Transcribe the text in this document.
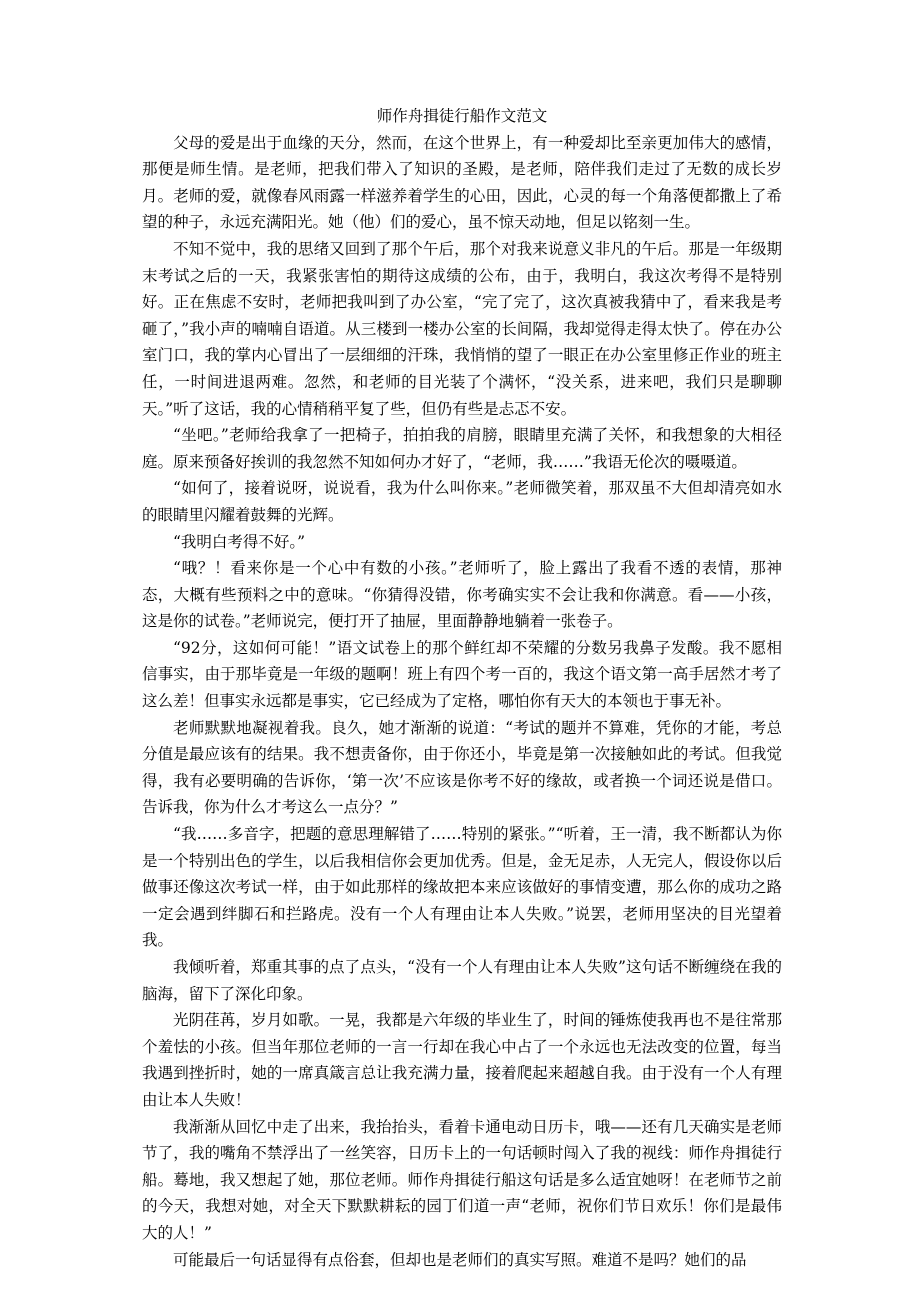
师作舟揖徒行船作文范文

父母的爱是出于血缘的天分，然而，在这个世界上，有一种爱却比至亲更加伟大的感情，那便是师生情。是老师，把我们带入了知识的圣殿，是老师，陪伴我们走过了无数的成长岁月。老师的爱，就像春风雨露一样滋养着学生的心田，因此，心灵的每一个角落便都撒上了希望的种子，永远充满阳光。她（他）们的爱心，虽不惊天动地，但足以铭刻一生。

不知不觉中，我的思绪又回到了那个午后，那个对我来说意义非凡的午后。那是一年级期末考试之后的一天，我紧张害怕的期待这成绩的公布，由于，我明白，我这次考得不是特别好。正在焦虑不安时，老师把我叫到了办公室，“完了完了，这次真被我猜中了，看来我是考砸了，”我小声的喃喃自语道。从三楼到一楼办公室的长间隔，我却觉得走得太快了。停在办公室门口，我的掌内心冒出了一层细细的汗珠，我悄悄的望了一眼正在办公室里修正作业的班主任，一时间进退两难。忽然，和老师的目光装了个满怀，“没关系，进来吧，我们只是聊聊天。”听了这话，我的心情稍稍平复了些，但仍有些是忐忑不安。

“坐吧。”老师给我拿了一把椅子，拍拍我的肩膀，眼睛里充满了关怀，和我想象的大相径庭。原来预备好挨训的我忽然不知如何办才好了，“老师，我……”我语无伦次的嗫嗫道。

“如何了，接着说呀，说说看，我为什么叫你来。”老师微笑着，那双虽不大但却清亮如水的眼睛里闪耀着鼓舞的光辉。

“我明白考得不好。”

“哦？！看来你是一个心中有数的小孩。”老师听了，脸上露出了我看不透的表情，那神态，大概有些预料之中的意味。“你猜得没错，你考确实实不会让我和你满意。看——小孩，这是你的试卷。”老师说完，便打开了抽屉，里面静静地躺着一张卷子。

“92分，这如何可能！”语文试卷上的那个鲜红却不荣耀的分数另我鼻子发酸。我不愿相信事实，由于那毕竟是一年级的题啊！班上有四个考一百的，我这个语文第一高手居然才考了这么差！但事实永远都是事实，它已经成为了定格，哪怕你有天大的本领也于事无补。

老师默默地凝视着我。良久，她才渐渐的说道：“考试的题并不算难，凭你的才能，考总分值是最应该有的结果。我不想责备你，由于你还小，毕竟是第一次接触如此的考试。但我觉得，我有必要明确的告诉你，‘第一次’不应该是你考不好的缘故，或者换一个词还说是借口。告诉我，你为什么才考这么一点分？”

“我……多音字，把题的意思理解错了……特别的紧张。”“听着，王一清，我不断都认为你是一个特别出色的学生，以后我相信你会更加优秀。但是，金无足赤，人无完人，假设你以后做事还像这次考试一样，由于如此那样的缘故把本来应该做好的事情变遭，那么你的成功之路一定会遇到绊脚石和拦路虎。没有一个人有理由让本人失败。”说罢，老师用坚决的目光望着我。

我倾听着，郑重其事的点了点头，“没有一个人有理由让本人失败”这句话不断缠绕在我的脑海，留下了深化印象。

光阴荏苒，岁月如歌。一晃，我都是六年级的毕业生了，时间的锤炼使我再也不是往常那个羞怯的小孩。但当年那位老师的一言一行却在我心中占了一个永远也无法改变的位置，每当我遇到挫折时，她的一席真箴言总让我充满力量，接着爬起来超越自我。由于没有一个人有理由让本人失败！

我渐渐从回忆中走了出来，我抬抬头，看着卡通电动日历卡，哦——还有几天确实是老师节了，我的嘴角不禁浮出了一丝笑容，日历卡上的一句话顿时闯入了我的视线：师作舟揖徒行船。蓦地，我又想起了她，那位老师。师作舟揖徒行船这句话是多么适宜她呀！在老师节之前的今天，我想对她，对全天下默默耕耘的园丁们道一声“老师，祝你们节日欢乐！你们是最伟大的人！”

可能最后一句话显得有点俗套，但却也是老师们的真实写照。难道不是吗？她们的品
